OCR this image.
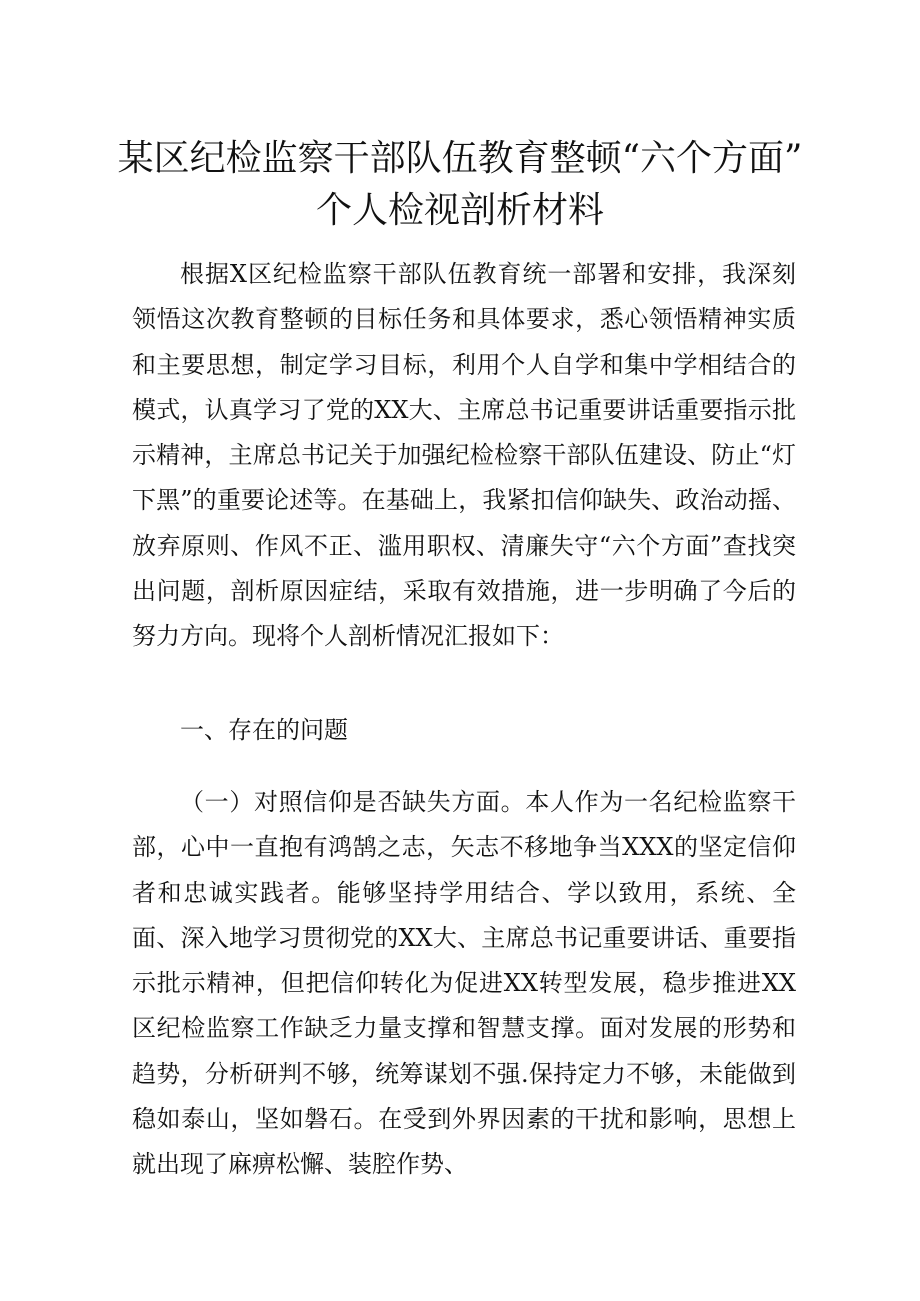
某区纪检监察干部队伍教育整顿“六个方面”
个人检视剖析材料

根据X区纪检监察干部队伍教育统一部署和安排，我深刻领悟这次教育整顿的目标任务和具体要求，悉心领悟精神实质和主要思想，制定学习目标，利用个人自学和集中学相结合的模式，认真学习了党的XX大、主席总书记重要讲话重要指示批示精神，主席总书记关于加强纪检检察干部队伍建设、防止“灯下黑”的重要论述等。在基础上，我紧扣信仰缺失、政治动摇、放弃原则、作风不正、滥用职权、清廉失守“六个方面”查找突出问题，剖析原因症结，采取有效措施，进一步明确了今后的努力方向。现将个人剖析情况汇报如下：

一、存在的问题

（一）对照信仰是否缺失方面。本人作为一名纪检监察干部，心中一直抱有鸿鹄之志，矢志不移地争当XXX的坚定信仰者和忠诚实践者。能够坚持学用结合、学以致用，系统、全面、深入地学习贯彻党的XX大、主席总书记重要讲话、重要指示批示精神，但把信仰转化为促进XX转型发展，稳步推进XX区纪检监察工作缺乏力量支撑和智慧支撑。面对发展的形势和趋势，分析研判不够，统筹谋划不强.保持定力不够，未能做到稳如泰山，坚如磐石。在受到外界因素的干扰和影响，思想上就出现了麻痹松懈、装腔作势、
